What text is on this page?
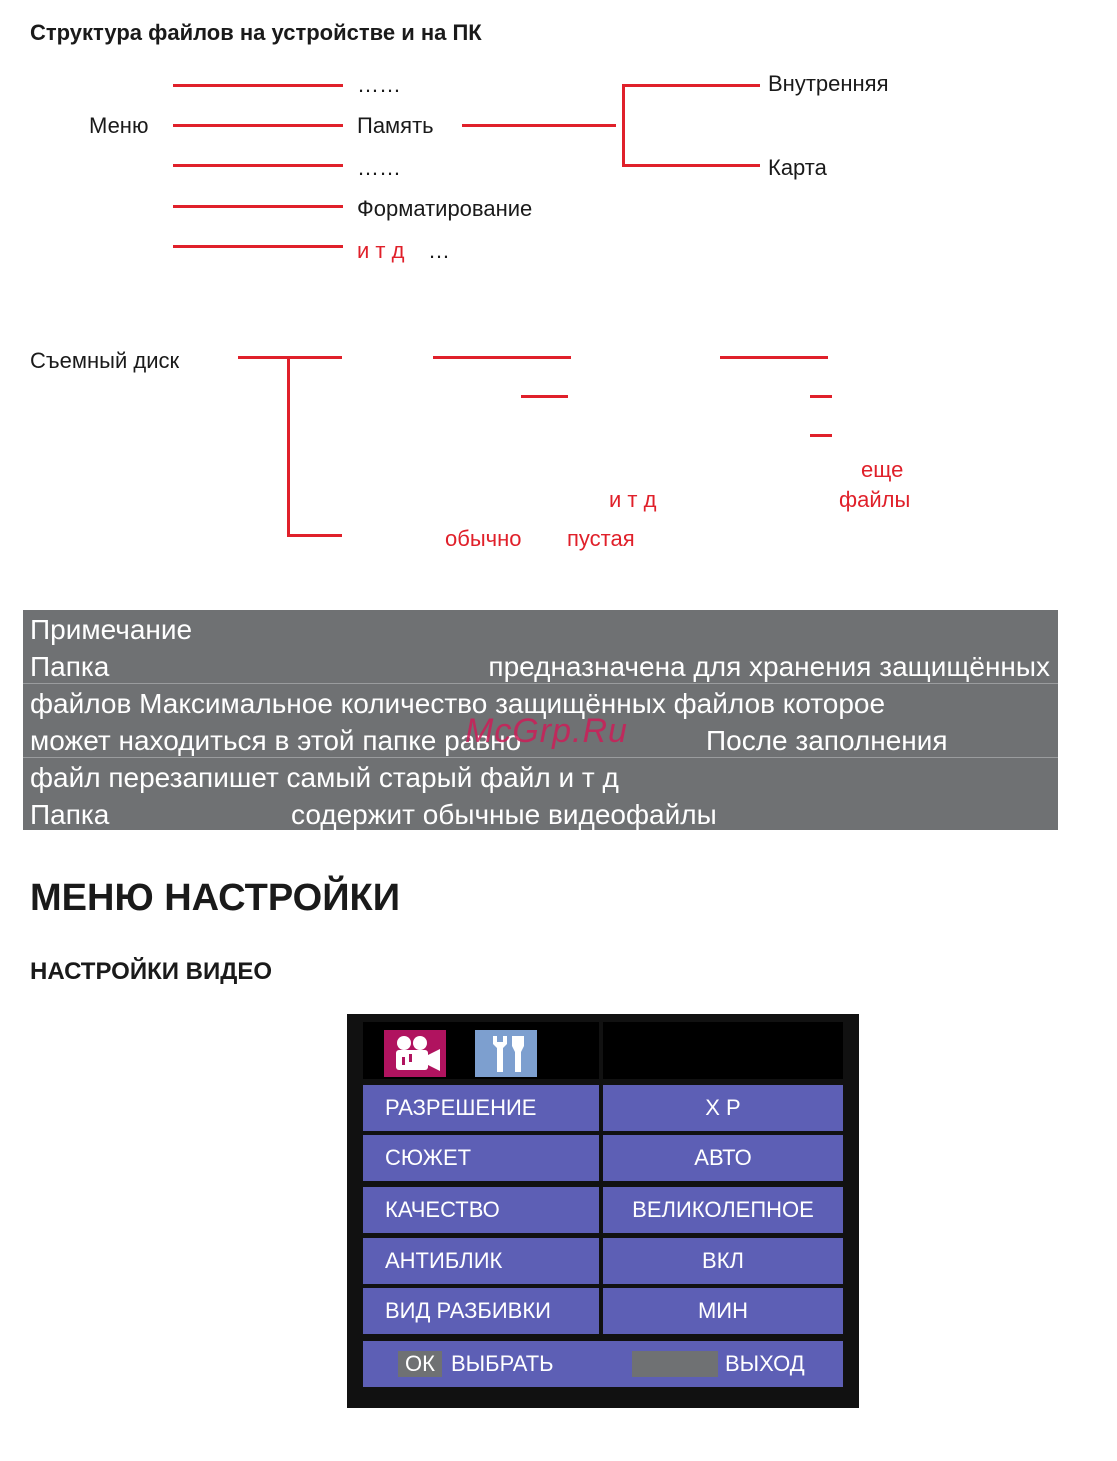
Структура файлов на устройстве и на ПК
Меню
……
Память
……
Форматирование
и т д …
Внутренняя
Карта
Съемный диск
и т д
обычно пустая
еще
файлы
Примечание
Папка	предназначена для хранения защищённых
файлов Максимальное количество защищённых файлов которое
может находиться в этой папке равно	После заполнения
файл перезапишет самый старый файл и т д
Папка	содержит обычные видеофайлы
McGrp.Ru
МЕНЮ НАСТРОЙКИ
НАСТРОЙКИ ВИДЕО
РАЗРЕШЕНИЕ	Х Р
СЮЖЕТ	АВТО
КАЧЕСТВО	ВЕЛИКОЛЕПНОЕ
АНТИБЛИК	ВКЛ
ВИД РАЗБИВКИ	МИН
ОК ВЫБРАТЬ	ВЫХОД
